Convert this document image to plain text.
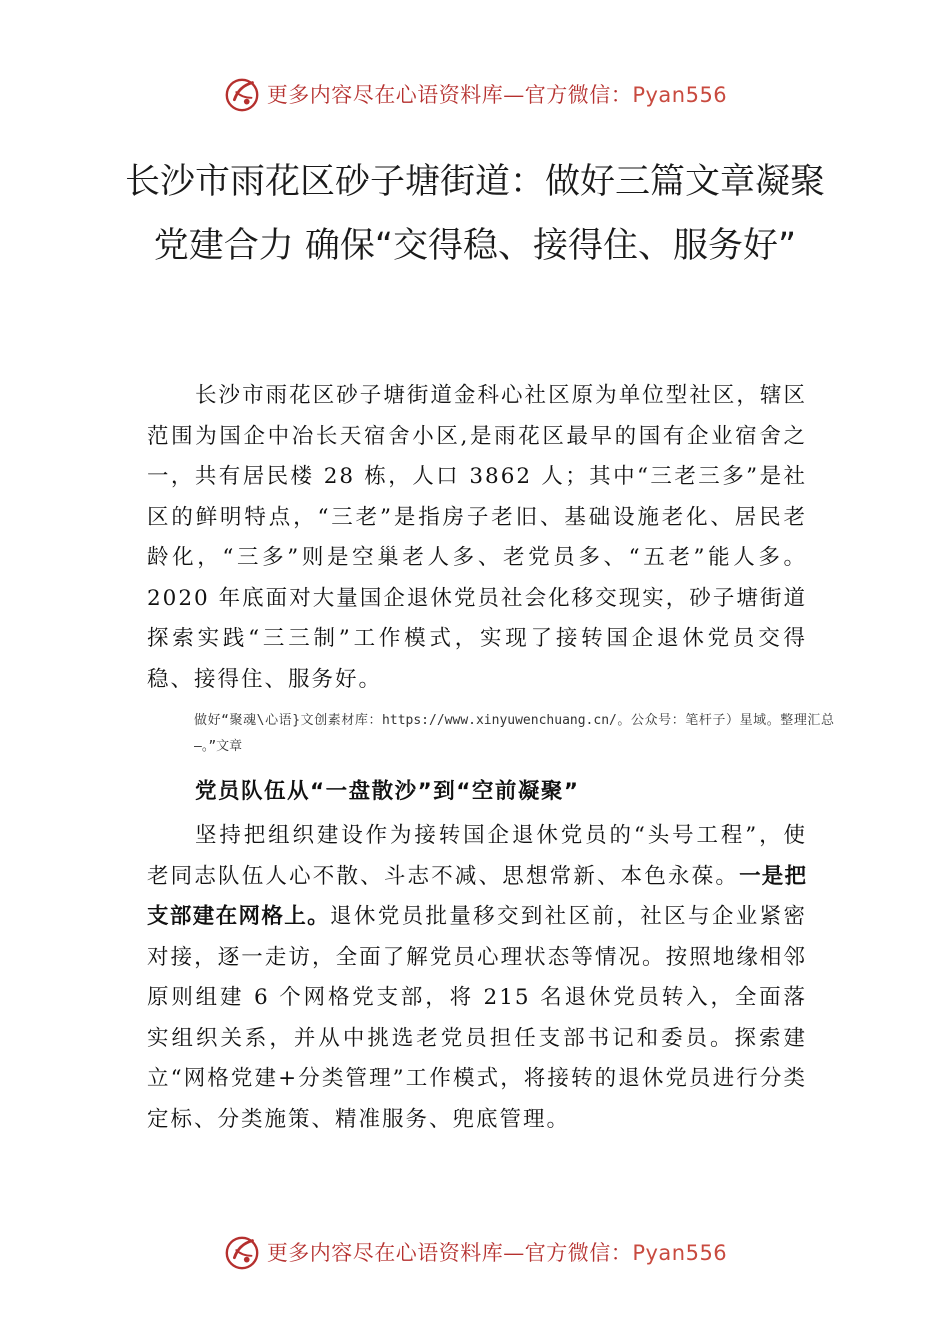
更多内容尽在心语资料库—官方微信：Pyan556
长沙市雨花区砂子塘街道：做好三篇文章凝聚党建合力 确保“交得稳、接得住、服务好”

长沙市雨花区砂子塘街道金科心社区原为单位型社区，辖区范围为国企中冶长天宿舍小区,是雨花区最早的国有企业宿舍之一，共有居民楼 28 栋，人口 3862 人；其中“三老三多”是社区的鲜明特点，“三老”是指房子老旧、基础设施老化、居民老龄化，“三多”则是空巢老人多、老党员多、“五老”能人多。2020 年底面对大量国企退休党员社会化移交现实，砂子塘街道探索实践“三三制”工作模式，实现了接转国企退休党员交得稳、接得住、服务好。

做好“聚魂\心语}文创素材库：https://www.xinyuwenchuang.cn/。公众号：笔杆子）星域。整理汇总—。”文章

党员队伍从“一盘散沙”到“空前凝聚”

坚持把组织建设作为接转国企退休党员的“头号工程”，使老同志队伍人心不散、斗志不减、思想常新、本色永葆。一是把支部建在网格上。退休党员批量移交到社区前，社区与企业紧密对接，逐一走访，全面了解党员心理状态等情况。按照地缘相邻原则组建 6 个网格党支部，将 215 名退休党员转入，全面落实组织关系，并从中挑选老党员担任支部书记和委员。探索建立“网格党建+分类管理”工作模式，将接转的退休党员进行分类定标、分类施策、精准服务、兜底管理。

更多内容尽在心语资料库—官方微信：Pyan556
